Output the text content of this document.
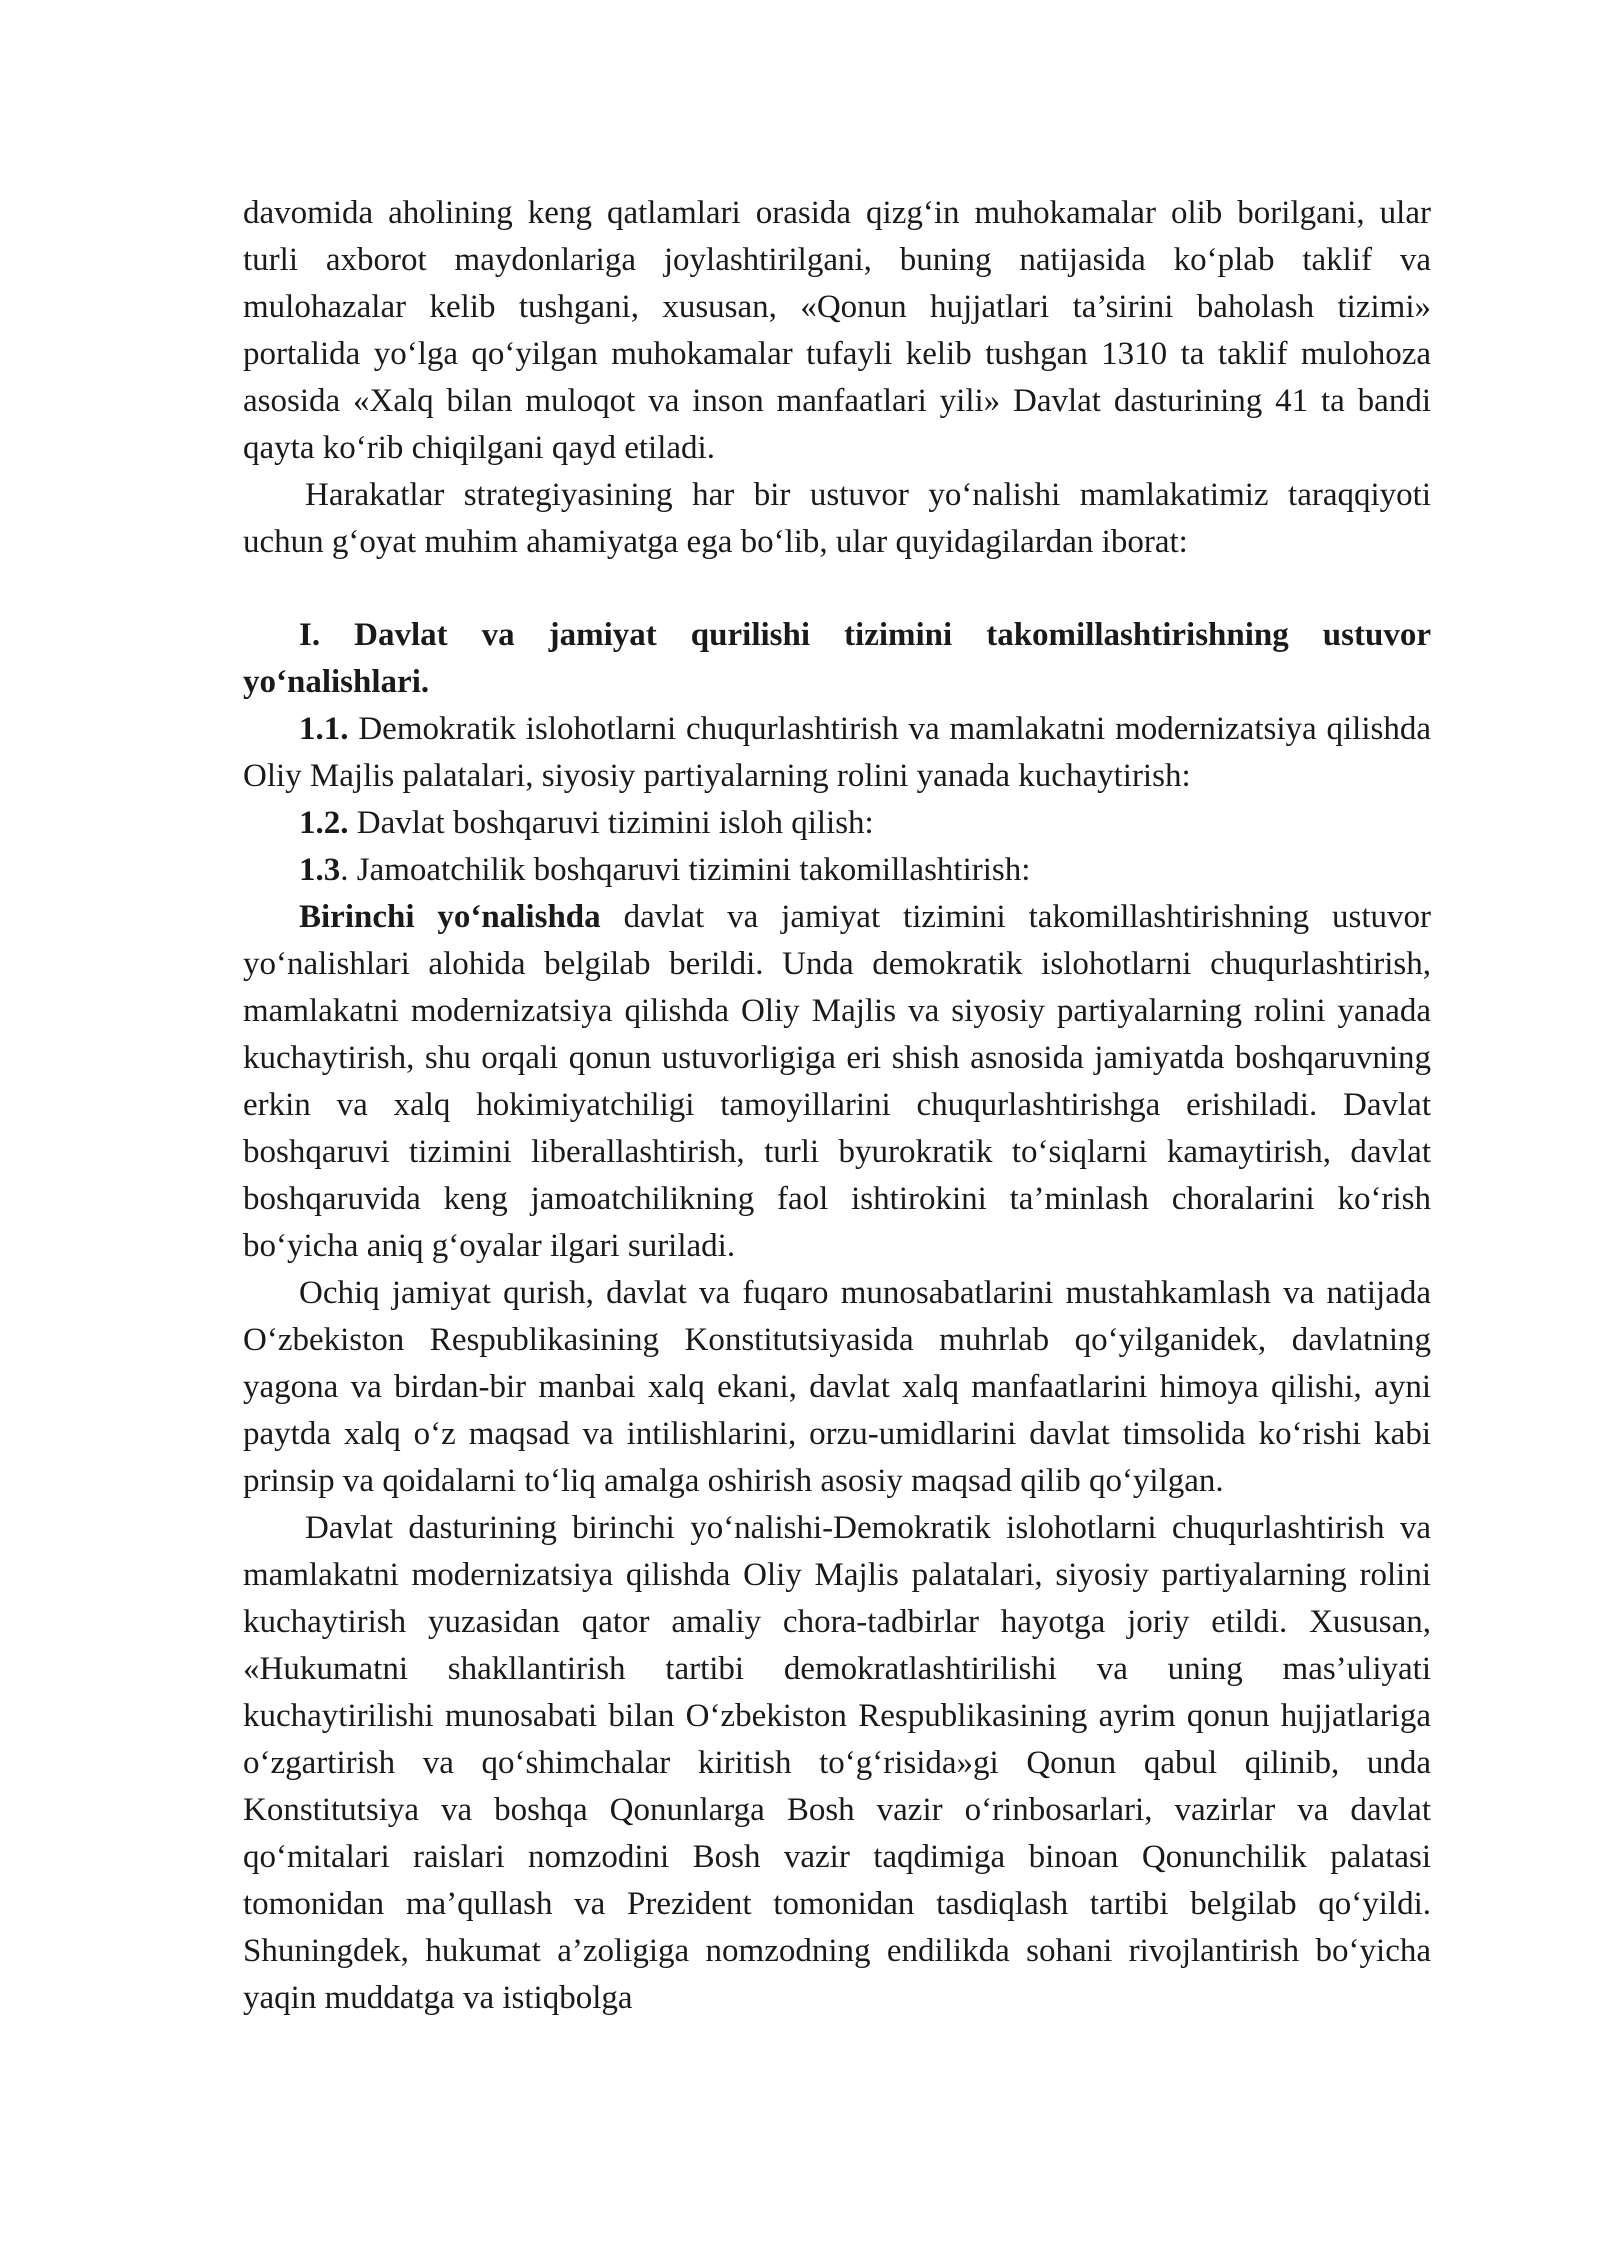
davomida aholining keng qatlamlari orasida qizg‘in muhokamalar olib borilgani, ular turli axborot maydonlariga joylashtirilgani, buning natijasida ko‘plab taklif va mulohazalar kelib tushgani, xususan, «Qonun hujjatlari ta’sirini baholash tizimi» portalida yo‘lga qo‘yilgan muhokamalar tufayli kelib tushgan 1310 ta taklif mulohoza asosida «Xalq bilan muloqot va inson manfaatlari yili» Davlat dasturining 41 ta bandi qayta ko‘rib chiqilgani qayd etiladi.

Harakatlar strategiyasining har bir ustuvor yo‘nalishi mamlakatimiz taraqqiyoti uchun g‘oyat muhim ahamiyatga ega bo‘lib, ular quyidagilardan iborat:

I. Davlat va jamiyat qurilishi tizimini takomillashtirishning ustuvor yo‘nalishlari.

1.1. Demokratik islohotlarni chuqurlashtirish va mamlakatni modernizatsiya qilishda Oliy Majlis palatalari, siyosiy partiyalarning rolini yanada kuchaytirish:

1.2. Davlat boshqaruvi tizimini isloh qilish:

1.3. Jamoatchilik boshqaruvi tizimini takomillashtirish:

Birinchi yo‘nalishda davlat va jamiyat tizimini takomillashtirishning ustuvor yo‘nalishlari alohida belgilab berildi. Unda demokratik islohotlarni chuqurlashtirish, mamlakatni modernizatsiya qilishda Oliy Majlis va siyosiy partiyalarning rolini yanada kuchaytirish, shu orqali qonun ustuvorligiga eri shish asnosida jamiyatda boshqaruvning erkin va xalq hokimiyatchiligi tamoyillarini chuqurlashtirishga erishiladi. Davlat boshqaruvi tizimini liberallashtirish, turli byurokratik to‘siqlarni kamaytirish, davlat boshqaruvida keng jamoatchilikning faol ishtirokini ta’minlash choralarini ko‘rish bo‘yicha aniq g‘oyalar ilgari suriladi.

Ochiq jamiyat qurish, davlat va fuqaro munosabatlarini mustahkamlash va natijada O‘zbekiston Respublikasining Konstitutsiyasida muhrlab qo‘yilganidek, davlatning yagona va birdan-bir manbai xalq ekani, davlat xalq manfaatlarini himoya qilishi, ayni paytda xalq o‘z maqsad va intilishlarini, orzu-umidlarini davlat timsolida ko‘rishi kabi prinsip va qoidalarni to‘liq amalga oshirish asosiy maqsad qilib qo‘yilgan.

Davlat dasturining birinchi yo‘nalishi-Demokratik islohotlarni chuqurlashtirish va mamlakatni modernizatsiya qilishda Oliy Majlis palatalari, siyosiy partiyalarning rolini kuchaytirish yuzasidan qator amaliy chora-tadbirlar hayotga joriy etildi. Xususan, «Hukumatni shakllantirish tartibi demokratlashtirilishi va uning mas’uliyati kuchaytirilishi munosabati bilan O‘zbekiston Respublikasining ayrim qonun hujjatlariga o‘zgartirish va qo‘shimchalar kiritish to‘g‘risida»gi Qonun qabul qilinib, unda Konstitutsiya va boshqa Qonunlarga Bosh vazir o‘rinbosarlari, vazirlar va davlat qo‘mitalari raislari nomzodini Bosh vazir taqdimiga binoan Qonunchilik palatasi tomonidan ma’qullash va Prezident tomonidan tasdiqlash tartibi belgilab qo‘yildi. Shuningdek, hukumat a’zoligiga nomzodning endilikda sohani rivojlantirish bo‘yicha yaqin muddatga va istiqbolga
